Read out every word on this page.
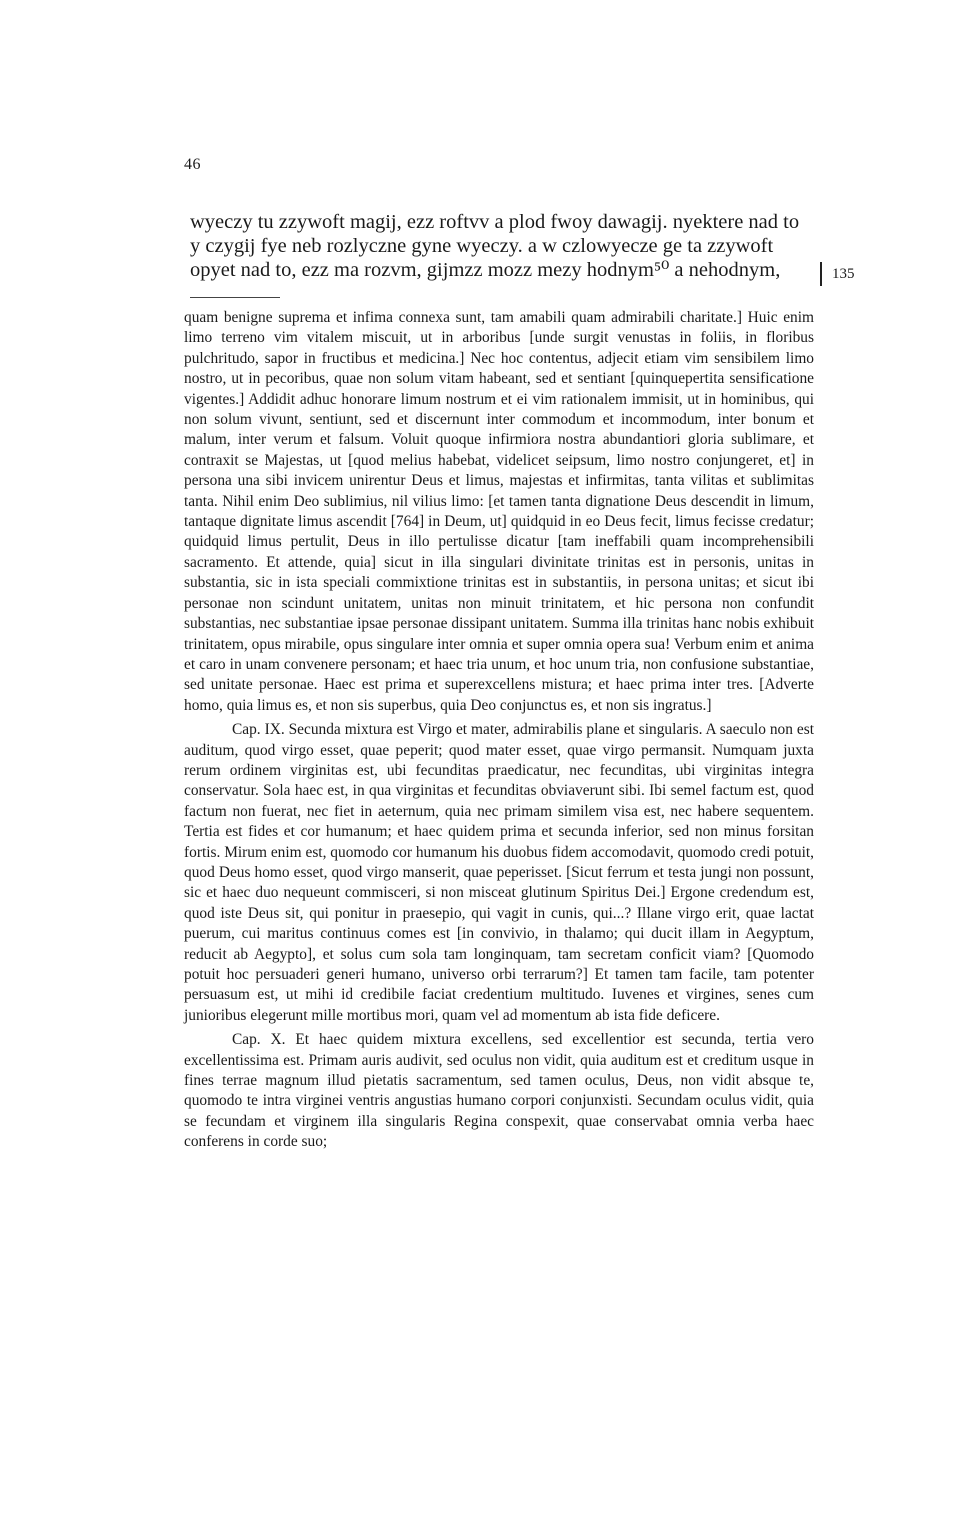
46
wyeczy tu zzywoft magij, ezz roftvv a plod fwoy dawagij. nyektere nad to
y czygij fye neb rozlyczne gyne wyeczy. a w czlowyecze ge ta zzywoft
opyet nad to, ezz ma rozvm, gijmzz mozz mezy hodnym⁵⁰ a nehodnym,	135

quam benigne suprema et infima connexa sunt, tam amabili quam admirabili charitate.] Huic enim limo terreno vim vitalem miscuit, ut in arboribus [unde surgit venustas in foliis, in floribus pulchritudo, sapor in fructibus et medicina.] Nec hoc contentus, adjecit etiam vim sensibilem limo nostro, ut in pecoribus, quae non solum vitam habeant, sed et sentiant [quinquepertita sensificatione vigentes.] Addidit adhuc honorare limum nostrum et ei vim rationalem immisit, ut in hominibus, qui non solum vivunt, sentiunt, sed et discernunt inter commodum et incommodum, inter bonum et malum, inter verum et falsum. Voluit quoque infirmiora nostra abundantiori gloria sublimare, et contraxit se Majestas, ut [quod melius habebat, videlicet seipsum, limo nostro conjungeret, et] in persona una sibi invicem unirentur Deus et limus, majestas et infirmitas, tanta vilitas et sublimitas tanta. Nihil enim Deo sublimius, nil vilius limo: [et tamen tanta dignatione Deus descendit in limum, tantaque dignitate limus ascendit [764] in Deum, ut] quidquid in eo Deus fecit, limus fecisse credatur; quidquid limus pertulit, Deus in illo pertulisse dicatur [tam ineffabili quam incomprehensibili sacramento. Et attende, quia] sicut in illa singulari divinitate trinitas est in personis, unitas in substantia, sic in ista speciali commixtione trinitas est in substantiis, in persona unitas; et sicut ibi personae non scindunt unitatem, unitas non minuit trinitatem, et hic persona non confundit substantias, nec substantiae ipsae personae dissipant unitatem. Summa illa trinitas hanc nobis exhibuit trinitatem, opus mirabile, opus singulare inter omnia et super omnia opera sua! Verbum enim et anima et caro in unam convenere personam; et haec tria unum, et hoc unum tria, non confusione substantiae, sed unitate personae. Haec est prima et superexcellens mistura; et haec prima inter tres. [Adverte homo, quia limus es, et non sis superbus, quia Deo conjunctus es, et non sis ingratus.]

Cap. IX. Secunda mixtura est Virgo et mater, admirabilis plane et singularis. A saeculo non est auditum, quod virgo esset, quae peperit; quod mater esset, quae virgo permansit. Numquam juxta rerum ordinem virginitas est, ubi fecunditas praedicatur, nec fecunditas, ubi virginitas integra conservatur. Sola haec est, in qua virginitas et fecunditas obviaverunt sibi. Ibi semel factum est, quod factum non fuerat, nec fiet in aeternum, quia nec primam similem visa est, nec habere sequentem. Tertia est fides et cor humanum; et haec quidem prima et secunda inferior, sed non minus forsitan fortis. Mirum enim est, quomodo cor humanum his duobus fidem accomodavit, quomodo credi potuit, quod Deus homo esset, quod virgo manserit, quae peperisset. [Sicut ferrum et testa jungi non possunt, sic et haec duo nequeunt commisceri, si non misceat glutinum Spiritus Dei.] Ergone credendum est, quod iste Deus sit, qui ponitur in praesepio, qui vagit in cunis, qui...? Illane virgo erit, quae lactat puerum, cui maritus continuus comes est [in convivio, in thalamo; qui ducit illam in Aegyptum, reducit ab Aegypto], et solus cum sola tam longinquam, tam secretam conficit viam? [Quomodo potuit hoc persuaderi generi humano, universo orbi terrarum?] Et tamen tam facile, tam potenter persuasum est, ut mihi id credibile faciat credentium multitudo. Iuvenes et virgines, senes cum junioribus elegerunt mille mortibus mori, quam vel ad momentum ab ista fide deficere.

Cap. X. Et haec quidem mixtura excellens, sed excellentior est secunda, tertia vero excellentissima est. Primam auris audivit, sed oculus non vidit, quia auditum est et creditum usque in fines terrae magnum illud pietatis sacramentum, sed tamen oculus, Deus, non vidit absque te, quomodo te intra virginei ventris angustias humano corpori conjunxisti. Secundam oculus vidit, quia se fecundam et virginem illa singularis Regina conspexit, quae conservabat omnia verba haec conferens in corde suo;
